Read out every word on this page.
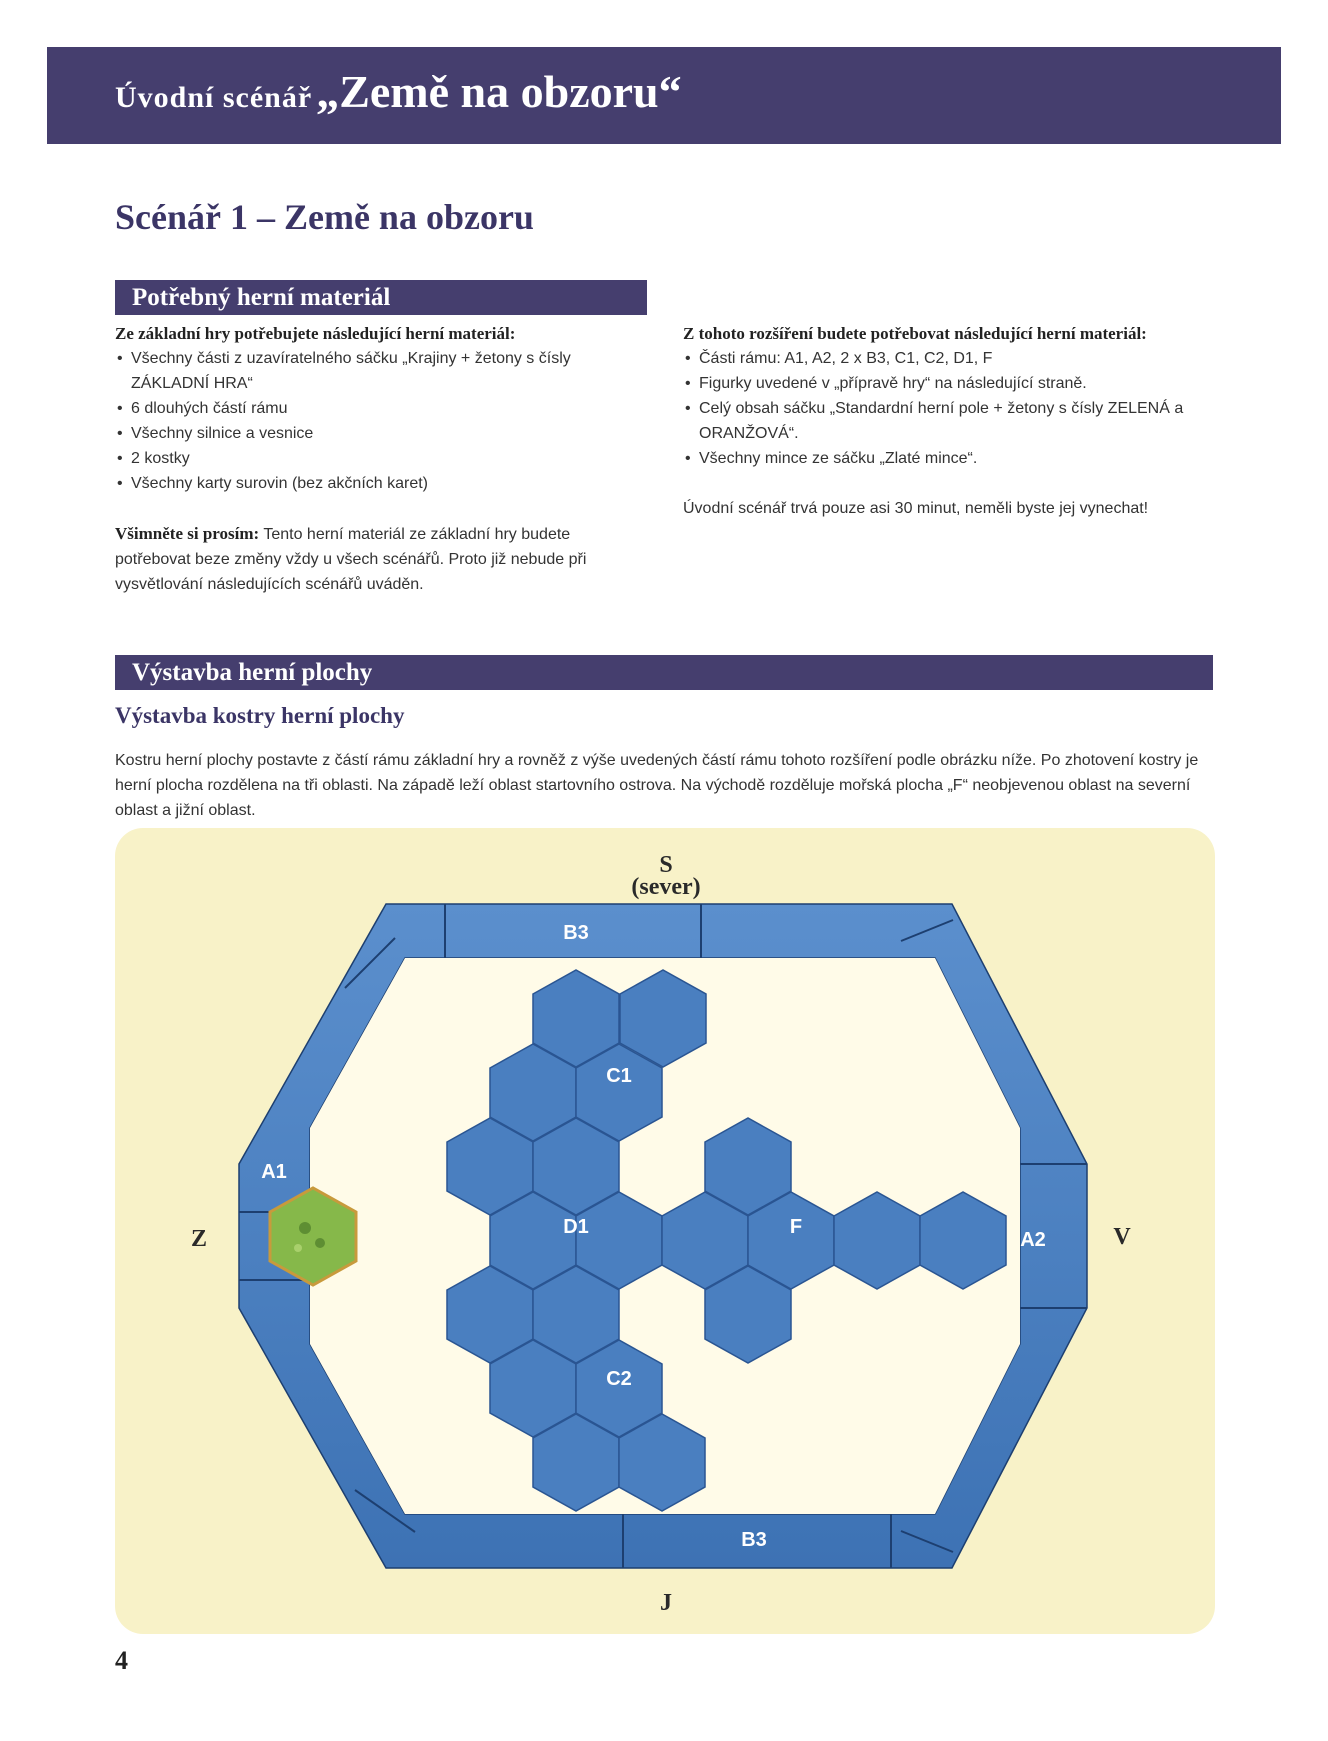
Úvodní scénář „Země na obzoru“
Scénář 1 – Země na obzoru
Potřebný herní materiál
Ze základní hry potřebujete následující herní materiál:
• Všechny části z uzavíratelného sáčku „Krajiny + žetony s čísly ZÁKLADNÍ HRA“
• 6 dlouhých částí rámu
• Všechny silnice a vesnice
• 2 kostky
• Všechny karty surovin (bez akčních karet)

Všimněte si prosím: Tento herní materiál ze základní hry budete potřebovat beze změny vždy u všech scénářů. Proto již nebude při vysvětlování následujících scénářů uváděn.

Z tohoto rozšíření budete potřebovat následující herní materiál:
• Části rámu: A1, A2, 2 x B3, C1, C2, D1, F
• Figurky uvedené v „přípravě hry“ na následující straně.
• Celý obsah sáčku „Standardní herní pole + žetony s čísly ZELENÁ a ORANŽOVÁ“.
• Všechny mince ze sáčku „Zlaté mince“.

Úvodní scénář trvá pouze asi 30 minut, neměli byste jej vynechat!

Výstavba herní plochy
Výstavba kostry herní plochy
Kostru herní plochy postavte z částí rámu základní hry a rovněž z výše uvedených částí rámu tohoto rozšíření podle obrázku níže. Po zhotovení kostry je herní plocha rozdělena na tři oblasti. Na západě leží oblast startovního ostrova. Na východě rozděluje mořská plocha „F“ neobjevenou oblast na severní oblast a jižní oblast.
B3
C1
D1	F
C2
B3
A1
A2
S
(sever)
J
Z	V
4
